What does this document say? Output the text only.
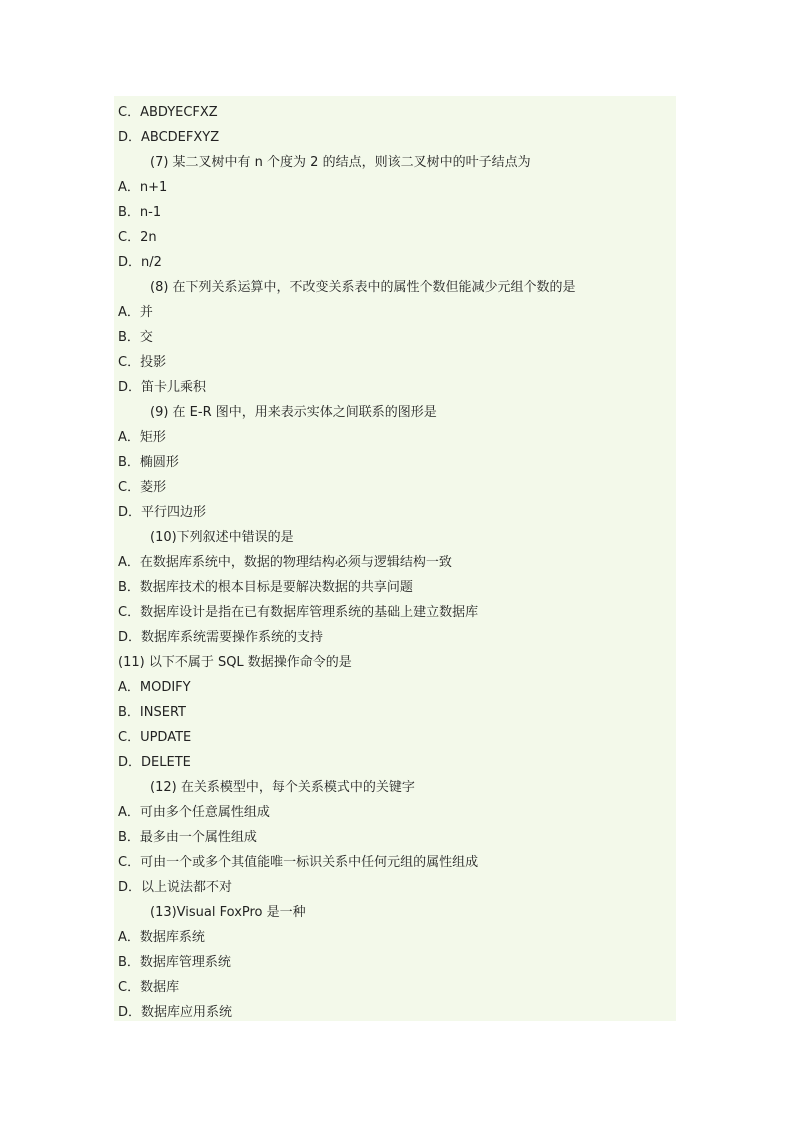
C．ABDYECFXZ
D．ABCDEFXYZ
(7) 某二叉树中有 n 个度为 2 的结点，则该二叉树中的叶子结点为
A．n+1
B．n-1
C．2n
D．n/2
(8) 在下列关系运算中，不改变关系表中的属性个数但能减少元组个数的是
A．并
B．交
C．投影
D．笛卡儿乘积
(9) 在 E-R 图中，用来表示实体之间联系的图形是
A．矩形
B．椭圆形
C．菱形
D．平行四边形
(10)下列叙述中错误的是
A．在数据库系统中，数据的物理结构必须与逻辑结构一致
B．数据库技术的根本目标是要解决数据的共享问题
C．数据库设计是指在已有数据库管理系统的基础上建立数据库
D．数据库系统需要操作系统的支持
(11) 以下不属于 SQL 数据操作命令的是
A．MODIFY
B．INSERT
C．UPDATE
D．DELETE
(12) 在关系模型中，每个关系模式中的关键字
A．可由多个任意属性组成
B．最多由一个属性组成
C．可由一个或多个其值能唯一标识关系中任何元组的属性组成
D．以上说法都不对
(13)Visual FoxPro 是一种
A．数据库系统
B．数据库管理系统
C．数据库
D．数据库应用系统
